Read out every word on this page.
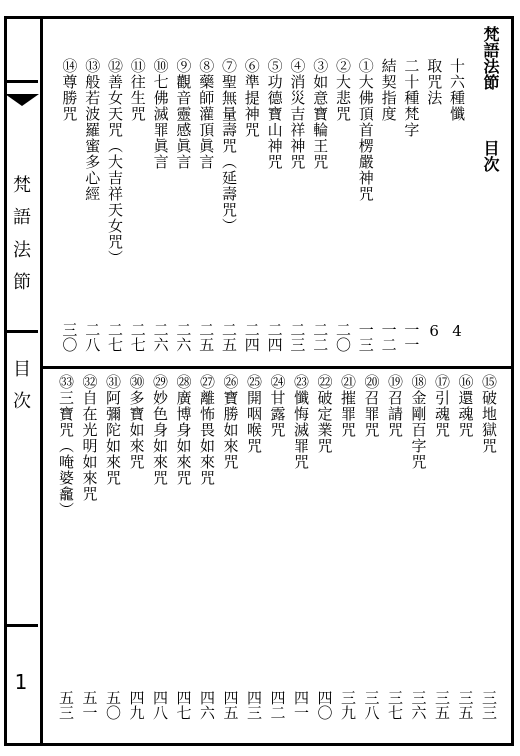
梵語法節
目次
1
梵語法節
目次
十六種懺
4
取咒法
6
二十種梵字
一一
結契指度
一二
①大佛頂首楞嚴神咒
一三
②大悲咒
二〇
③如意寶輪王咒
二二
④消災吉祥神咒
二三
⑤功德寶山神咒
二四
⑥準提神咒
二四
⑦聖無量壽咒（延壽咒）
二五
⑧藥師灌頂眞言
二五
⑨觀音靈感眞言
二六
⑩七佛滅罪眞言
二六
⑪往生咒
二七
⑫善女天咒（大吉祥天女咒）
二七
⑬般若波羅蜜多心經
二八
⑭尊勝咒
三〇
⑮破地獄咒
三三
⑯還魂咒
三五
⑰引魂咒
三五
⑱金剛百字咒
三六
⑲召請咒
三七
⑳召罪咒
三八
㉑摧罪咒
三九
㉒破定業咒
四〇
㉓懺悔滅罪咒
四一
㉔甘露咒
四二
㉕開咽喉咒
四三
㉖寶勝如來咒
四五
㉗離怖畏如來咒
四六
㉘廣博身如來咒
四七
㉙妙色身如來咒
四八
㉚多寶如來咒
四九
㉛阿彌陀如來咒
五〇
㉜自在光明如來咒
五一
㉝三寶咒（唵婆龕）
五三
